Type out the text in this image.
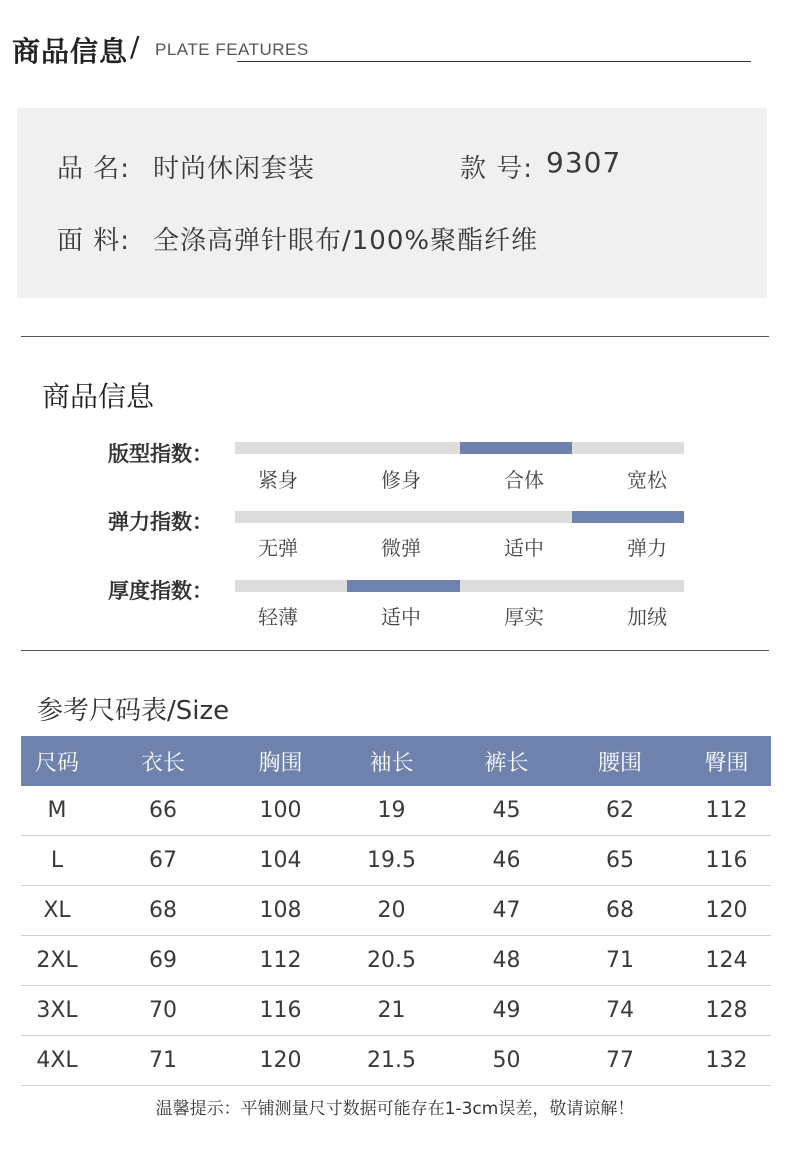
商品信息 / PLATE FEATURES
品 名: 时尚休闲套装	款 号: 9307
面 料: 全涤高弹针眼布/100%聚酯纤维
商品信息
版型指数：
紧身	修身	合体	宽松
弹力指数：
无弹	微弹	适中	弹力
厚度指数：
轻薄	适中	厚实	加绒
参考尺码表/Size
尺码	衣长	胸围	袖长	裤长	腰围	臀围
M	66	100	19	45	62	112
L	67	104	19.5	46	65	116
XL	68	108	20	47	68	120
2XL	69	112	20.5	48	71	124
3XL	70	116	21	49	74	128
4XL	71	120	21.5	50	77	132
温馨提示：平铺测量尺寸数据可能存在1-3cm误差，敬请谅解！
